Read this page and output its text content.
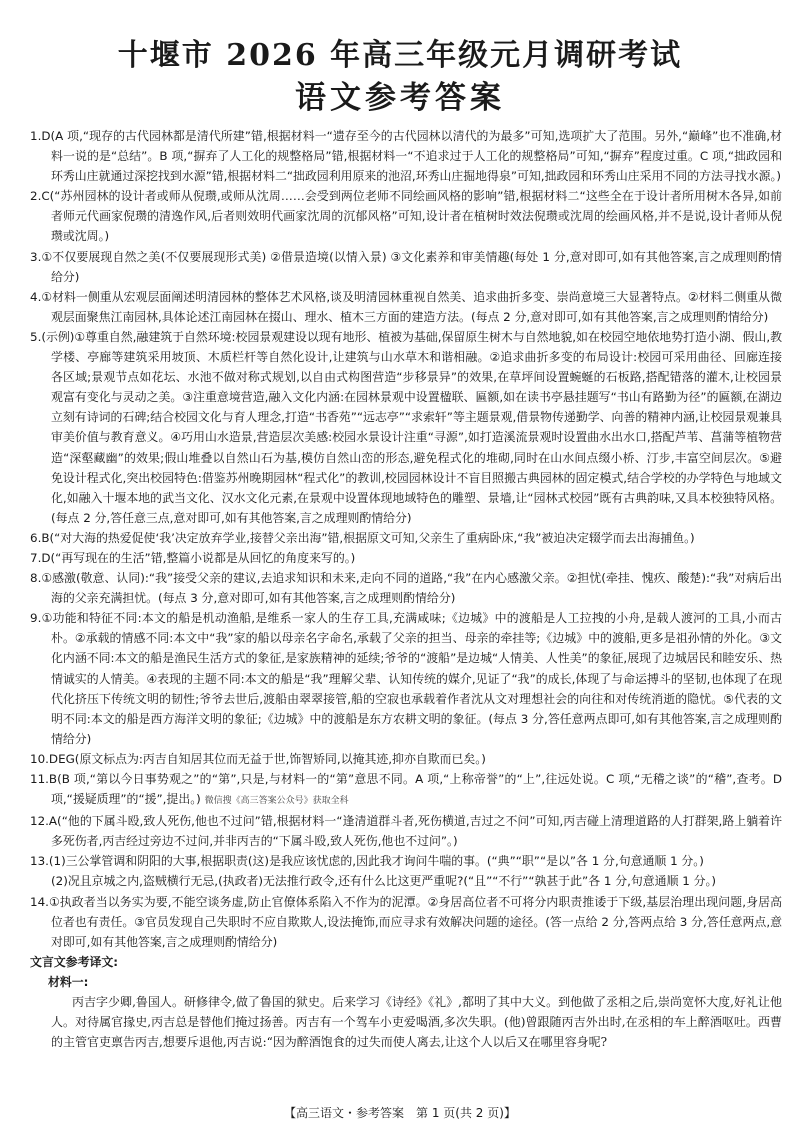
十堰市 2026 年高三年级元月调研考试
语文参考答案

1.D(A 项,“现存的古代园林都是清代所建”错,根据材料一“遗存至今的古代园林以清代的为最多”可知,选项扩大了范围。另外,“巅峰”也不准确,材料一说的是“总结”。B 项,“摒弃了人工化的规整格局”错,根据材料一“不追求过于人工化的规整格局”可知,“摒弃”程度过重。C 项,“拙政园和环秀山庄就通过深挖找到水源”错,根据材料二“拙政园利用原来的池沼,环秀山庄掘地得泉”可知,拙政园和环秀山庄采用不同的方法寻找水源。)

2.C(“苏州园林的设计者或师从倪瓒,或师从沈周……会受到两位老师不同绘画风格的影响”错,根据材料二“这些全在于设计者所用树木各异,如前者师元代画家倪瓒的清逸作风,后者则效明代画家沈周的沉郁风格”可知,设计者在植树时效法倪瓒或沈周的绘画风格,并不是说,设计者师从倪瓒或沈周。)

3.①不仅要展现自然之美(不仅要展现形式美) ②借景造境(以情入景) ③文化素养和审美情趣(每处 1 分,意对即可,如有其他答案,言之成理则酌情给分)

4.①材料一侧重从宏观层面阐述明清园林的整体艺术风格,谈及明清园林重视自然美、追求曲折多变、崇尚意境三大显著特点。②材料二侧重从微观层面聚焦江南园林,具体论述江南园林在掇山、理水、植木三方面的建造方法。(每点 2 分,意对即可,如有其他答案,言之成理则酌情给分)

5.(示例)①尊重自然,融建筑于自然环境:校园景观建设以现有地形、植被为基础,保留原生树木与自然地貌,如在校园空地依地势打造小湖、假山,教学楼、亭廊等建筑采用坡顶、木质栏杆等自然化设计,让建筑与山水草木和谐相融。②追求曲折多变的布局设计:校园可采用曲径、回廊连接各区域;景观节点如花坛、水池不做对称式规划,以自由式构图营造“步移景异”的效果,在草坪间设置蜿蜒的石板路,搭配错落的灌木,让校园景观富有变化与灵动之美。③注重意境营造,融入文化内涵:在园林景观中设置楹联、匾额,如在读书亭悬挂题写“书山有路勤为径”的匾额,在湖边立刻有诗词的石碑;结合校园文化与育人理念,打造“书香苑”“远志亭”“求索轩”等主题景观,借景物传递勤学、向善的精神内涵,让校园景观兼具审美价值与教育意义。④巧用山水造景,营造层次美感:校园水景设计注重“寻源”,如打造溪流景观时设置曲水出水口,搭配芦苇、菖蒲等植物营造“深壑藏幽”的效果;假山堆叠以自然山石为基,模仿自然山峦的形态,避免程式化的堆砌,同时在山水间点缀小桥、汀步,丰富空间层次。⑤避免设计程式化,突出校园特色:借鉴苏州晚期园林“程式化”的教训,校园园林设计不盲目照搬古典园林的固定模式,结合学校的办学特色与地域文化,如融入十堰本地的武当文化、汉水文化元素,在景观中设置体现地域特色的雕塑、景墙,让“园林式校园”既有古典韵味,又具本校独特风格。(每点 2 分,答任意三点,意对即可,如有其他答案,言之成理则酌情给分)

6.B(“对大海的热爱促使‘我’决定放弃学业,接替父亲出海”错,根据原文可知,父亲生了重病卧床,“我”被迫决定辍学而去出海捕鱼。)

7.D(“再写现在的生活”错,整篇小说都是从回忆的角度来写的。)

8.①感激(敬意、认同):“我”接受父亲的建议,去追求知识和未来,走向不同的道路,“我”在内心感激父亲。②担忧(牵挂、愧疚、酸楚):“我”对病后出海的父亲充满担忧。(每点 3 分,意对即可,如有其他答案,言之成理则酌情给分)

9.①功能和特征不同:本文的船是机动渔船,是维系一家人的生存工具,充满咸味;《边城》中的渡船是人工拉拽的小舟,是载人渡河的工具,小而古朴。②承载的情感不同:本文中“我”家的船以母亲名字命名,承载了父亲的担当、母亲的牵挂等;《边城》中的渡船,更多是祖孙情的外化。③文化内涵不同:本文的船是渔民生活方式的象征,是家族精神的延续;爷爷的“渡船”是边城“人情美、人性美”的象征,展现了边城居民和睦安乐、热情诚实的人情美。④表现的主题不同:本文的船是“我”理解父辈、认知传统的媒介,见证了“我”的成长,体现了与命运搏斗的坚韧,也体现了在现代化挤压下传统文明的韧性;爷爷去世后,渡船由翠翠接管,船的空寂也承载着作者沈从文对理想社会的向往和对传统消逝的隐忧。⑤代表的文明不同:本文的船是西方海洋文明的象征;《边城》中的渡船是东方农耕文明的象征。(每点 3 分,答任意两点即可,如有其他答案,言之成理则酌情给分)

10.DEG(原文标点为:丙吉自知居其位而无益于世,饰智矫同,以掩其迹,抑亦自欺而已矣。)

11.B(B 项,“第以今日事势观之”的“第”,只是,与材料一的“第”意思不同。A 项,“上称帝誉”的“上”,往远处说。C 项,“无稽之谈”的“稽”,查考。D 项,“援疑质理”的“援”,提出。) 微信搜《高三答案公众号》获取全科

12.A(“他的下属斗殴,致人死伤,他也不过问”错,根据材料一“逢清道群斗者,死伤横道,吉过之不问”可知,丙吉碰上清理道路的人打群架,路上躺着许多死伤者,丙吉经过旁边不过问,并非丙吉的“下属斗殴,致人死伤,他也不过问”。)

13.(1)三公掌管调和阴阳的大事,根据职责(这)是我应该忧虑的,因此我才询问牛喘的事。(“典”“职”“是以”各 1 分,句意通顺 1 分。)

(2)况且京城之内,盗贼横行无忌,(执政者)无法推行政令,还有什么比这更严重呢?(“且”“不行”“孰甚于此”各 1 分,句意通顺 1 分。)

14.①执政者当以务实为要,不能空谈务虚,防止官僚体系陷入不作为的泥潭。②身居高位者不可将分内职责推诿于下级,基层治理出现问题,身居高位者也有责任。③官员发现自己失职时不应自欺欺人,设法掩饰,而应寻求有效解决问题的途径。(答一点给 2 分,答两点给 3 分,答任意两点,意对即可,如有其他答案,言之成理则酌情给分)

文言文参考译文:

材料一:

丙吉字少卿,鲁国人。研修律令,做了鲁国的狱史。后来学习《诗经》《礼》,都明了其中大义。到他做了丞相之后,崇尚宽怀大度,好礼让他人。对待属官掾史,丙吉总是替他们掩过扬善。丙吉有一个驾车小吏爱喝酒,多次失职。(他)曾跟随丙吉外出时,在丞相的车上醉酒呕吐。西曹的主管官吏禀告丙吉,想要斥退他,丙吉说:“因为醉酒饱食的过失而使人离去,让这个人以后又在哪里容身呢?

【高三语文・参考答案　第 1 页(共 2 页)】
